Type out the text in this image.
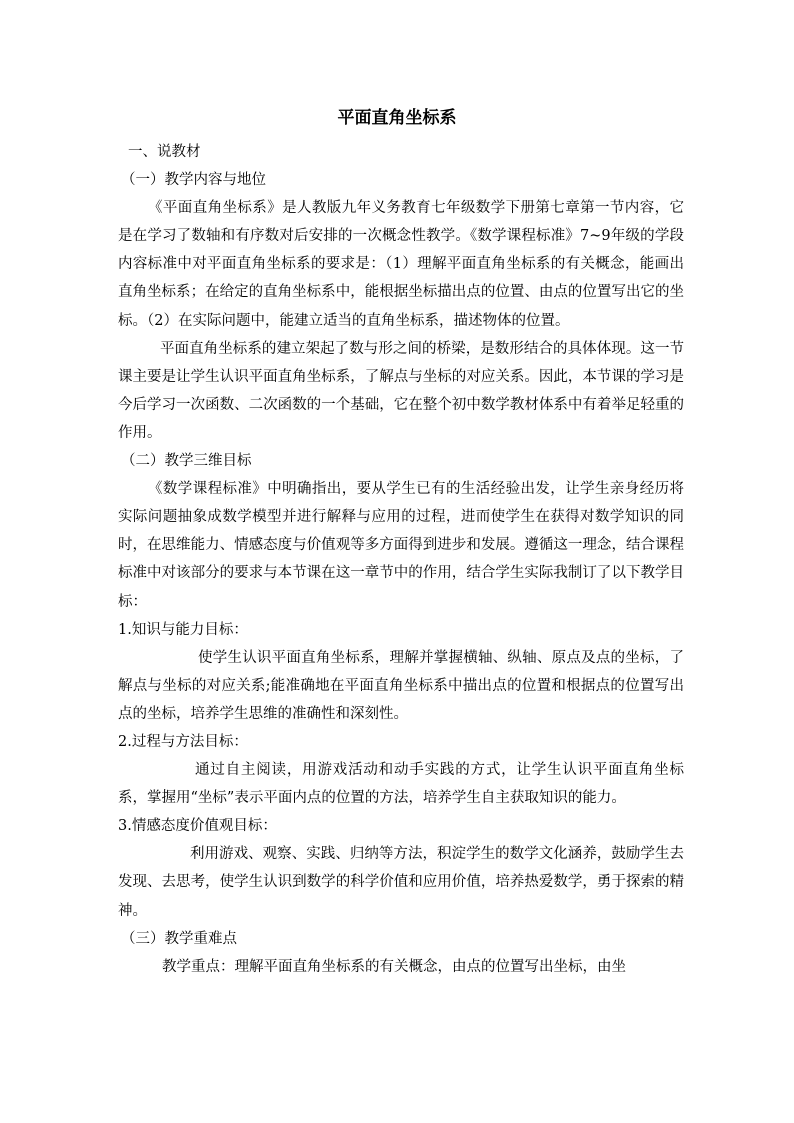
平面直角坐标系

一、说教材

（一）教学内容与地位

《平面直角坐标系》是人教版九年义务教育七年级数学下册第七章第一节内容，它是在学习了数轴和有序数对后安排的一次概念性教学。《数学课程标准》7~9年级的学段内容标准中对平面直角坐标系的要求是：（1）理解平面直角坐标系的有关概念，能画出直角坐标系；在给定的直角坐标系中，能根据坐标描出点的位置、由点的位置写出它的坐标。（2）在实际问题中，能建立适当的直角坐标系，描述物体的位置。

平面直角坐标系的建立架起了数与形之间的桥梁，是数形结合的具体体现。这一节课主要是让学生认识平面直角坐标系，了解点与坐标的对应关系。因此，本节课的学习是今后学习一次函数、二次函数的一个基础，它在整个初中数学教材体系中有着举足轻重的作用。

（二）教学三维目标

《数学课程标准》中明确指出，要从学生已有的生活经验出发，让学生亲身经历将实际问题抽象成数学模型并进行解释与应用的过程，进而使学生在获得对数学知识的同时，在思维能力、情感态度与价值观等多方面得到进步和发展。遵循这一理念，结合课程标准中对该部分的要求与本节课在这一章节中的作用，结合学生实际我制订了以下教学目标：

1.知识与能力目标：

使学生认识平面直角坐标系，理解并掌握横轴、纵轴、原点及点的坐标，了解点与坐标的对应关系;能准确地在平面直角坐标系中描出点的位置和根据点的位置写出点的坐标，培养学生思维的准确性和深刻性。

2.过程与方法目标：

通过自主阅读，用游戏活动和动手实践的方式，让学生认识平面直角坐标系，掌握用“坐标”表示平面内点的位置的方法，培养学生自主获取知识的能力。

3.情感态度价值观目标：

利用游戏、观察、实践、归纳等方法，积淀学生的数学文化涵养，鼓励学生去发现、去思考，使学生认识到数学的科学价值和应用价值，培养热爱数学，勇于探索的精神。

（三）教学重难点

教学重点：理解平面直角坐标系的有关概念，由点的位置写出坐标，由坐
